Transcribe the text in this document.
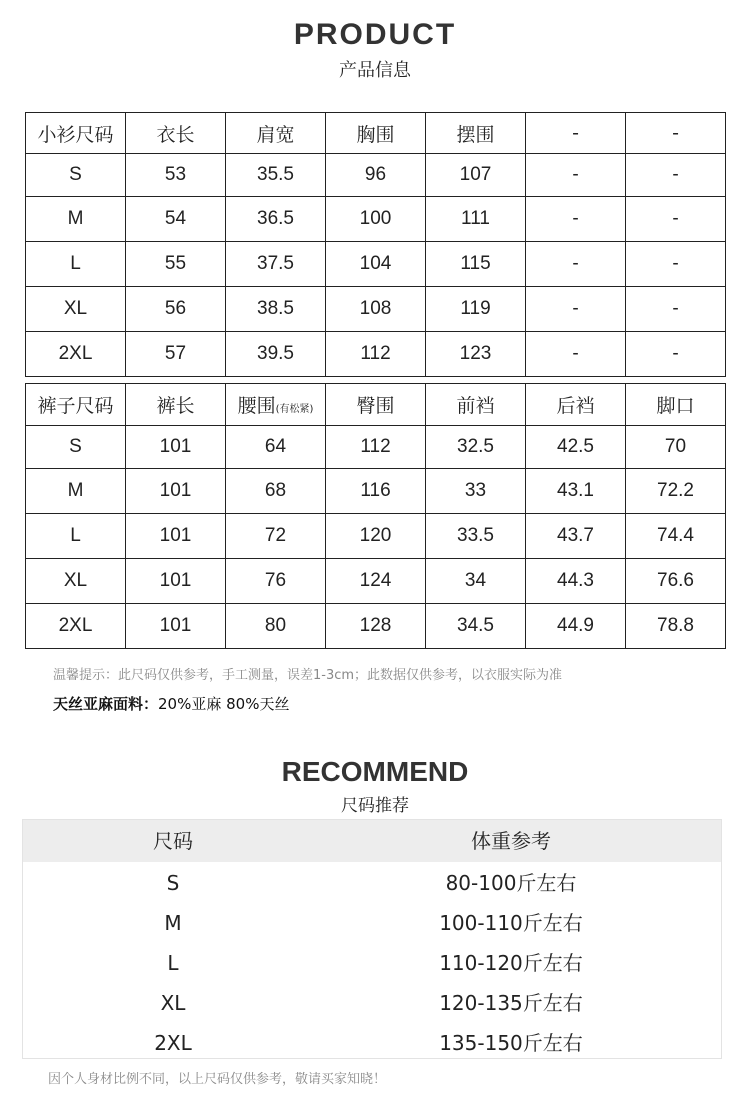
PRODUCT
产品信息
小衫尺码	衣长	肩宽	胸围	摆围	-	-
S	53	35.5	96	107	-	-
M	54	36.5	100	111	-	-
L	55	37.5	104	115	-	-
XL	56	38.5	108	119	-	-
2XL	57	39.5	112	123	-	-
裤子尺码	裤长	腰围(有松紧)	臀围	前裆	后裆	脚口
S	101	64	112	32.5	42.5	70
M	101	68	116	33	43.1	72.2
L	101	72	120	33.5	43.7	74.4
XL	101	76	124	34	44.3	76.6
2XL	101	80	128	34.5	44.9	78.8
温馨提示：此尺码仅供参考，手工测量，误差1-3cm；此数据仅供参考，以衣服实际为准
天丝亚麻面料：20%亚麻 80%天丝
RECOMMEND
尺码推荐
尺码	体重参考
S	80-100斤左右
M	100-110斤左右
L	110-120斤左右
XL	120-135斤左右
2XL	135-150斤左右
因个人身材比例不同，以上尺码仅供参考，敬请买家知晓！
